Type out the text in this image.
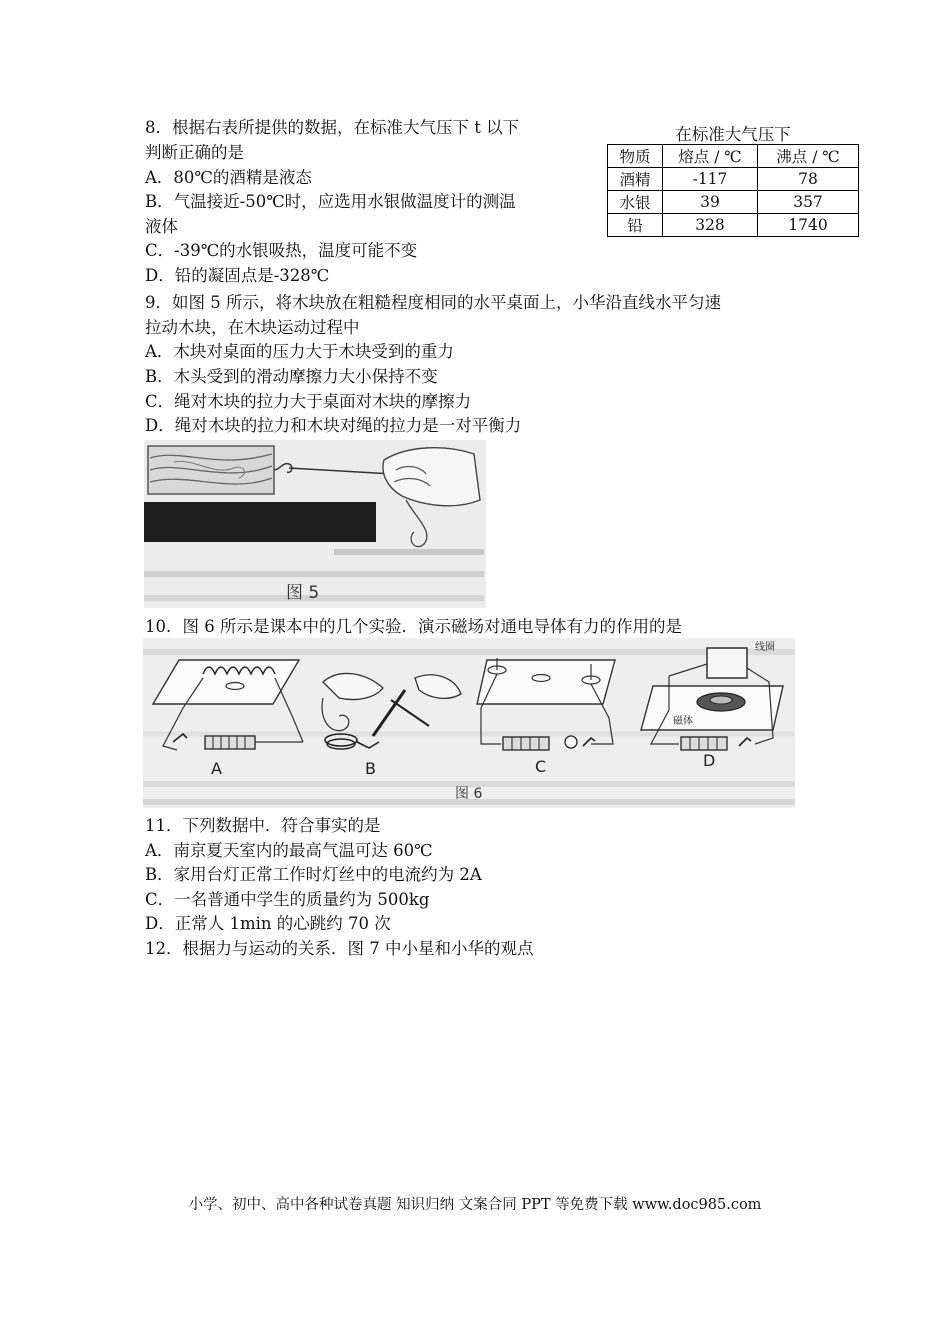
8．根据右表所提供的数据，在标准大气压下 t 以下
判断正确的是
A．80℃的酒精是液态
B．气温接近-50℃时，应选用水银做温度计的测温
液体
C．-39℃的水银吸热，温度可能不变
D．铅的凝固点是-328℃
在标准大气压下
物质	熔点 / ℃	沸点 / ℃
酒精	-117	78
水银	39	357
铅	328	1740
9．如图 5 所示，将木块放在粗糙程度相同的水平桌面上，小华沿直线水平匀速
拉动木块，在木块运动过程中
A．木块对桌面的压力大于木块受到的重力
B．木头受到的滑动摩擦力大小保持不变
C．绳对木块的拉力大于桌面对木块的摩擦力
D．绳对木块的拉力和木块对绳的拉力是一对平衡力
图 5
10．图 6 所示是课本中的几个实验．演示磁场对通电导体有力的作用的是
A	B	C
线圈
磁体
D
图 6
11．下列数据中．符合事实的是
A．南京夏天室内的最高气温可达 60℃
B．家用台灯正常工作时灯丝中的电流约为 2A
C．一名普通中学生的质量约为 500kg
D．正常人 1min 的心跳约 70 次
12．根据力与运动的关系．图 7 中小星和小华的观点
小学、初中、高中各种试卷真题 知识归纳 文案合同 PPT 等免费下载 www.doc985.com
